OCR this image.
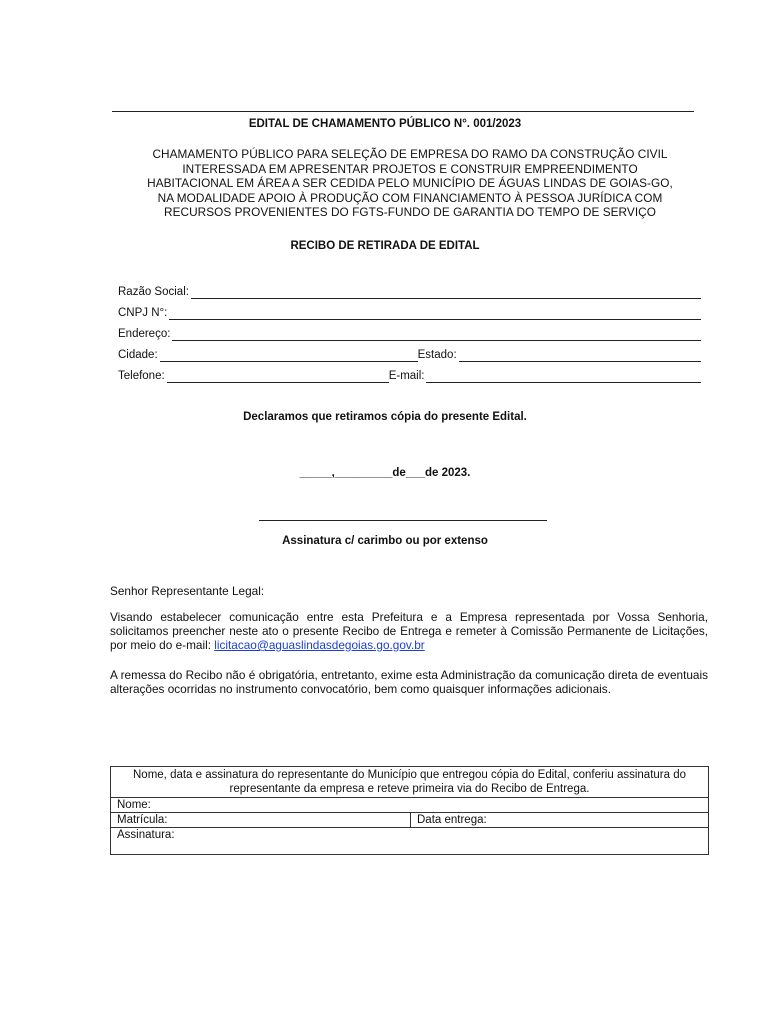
EDITAL DE CHAMAMENTO PÚBLICO N°. 001/2023
CHAMAMENTO PÚBLICO PARA SELEÇÃO DE EMPRESA DO RAMO DA CONSTRUÇÃO CIVIL
INTERESSADA EM APRESENTAR PROJETOS E CONSTRUIR EMPREENDIMENTO
HABITACIONAL EM ÁREA A SER CEDIDA PELO MUNICÍPIO DE ÁGUAS LINDAS DE GOIAS-GO,
NA MODALIDADE APOIO À PRODUÇÃO COM FINANCIAMENTO À PESSOA JURÍDICA COM
RECURSOS PROVENIENTES DO FGTS-FUNDO DE GARANTIA DO TEMPO DE SERVIÇO
RECIBO DE RETIRADA DE EDITAL
Razão Social:
CNPJ N°:
Endereço:
Cidade:	Estado:
Telefone:	E-mail:
Declaramos que retiramos cópia do presente Edital.
_____,_________de___de 2023.
Assinatura c/ carimbo ou por extenso
Senhor Representante Legal:
Visando estabelecer comunicação entre esta Prefeitura e a Empresa representada por Vossa Senhoria, solicitamos preencher neste ato o presente Recibo de Entrega e remeter à Comissão Permanente de Licitações, por meio do e-mail: licitacao@aguaslindasdegoias.go.gov.br
A remessa do Recibo não é obrigatória, entretanto, exime esta Administração da comunicação direta de eventuais alterações ocorridas no instrumento convocatório, bem como quaisquer informações adicionais.
Nome, data e assinatura do representante do Município que entregou cópia do Edital, conferiu assinatura do representante da empresa e reteve primeira via do Recibo de Entrega.
Nome:
Matrícula:	Data entrega:
Assinatura:
